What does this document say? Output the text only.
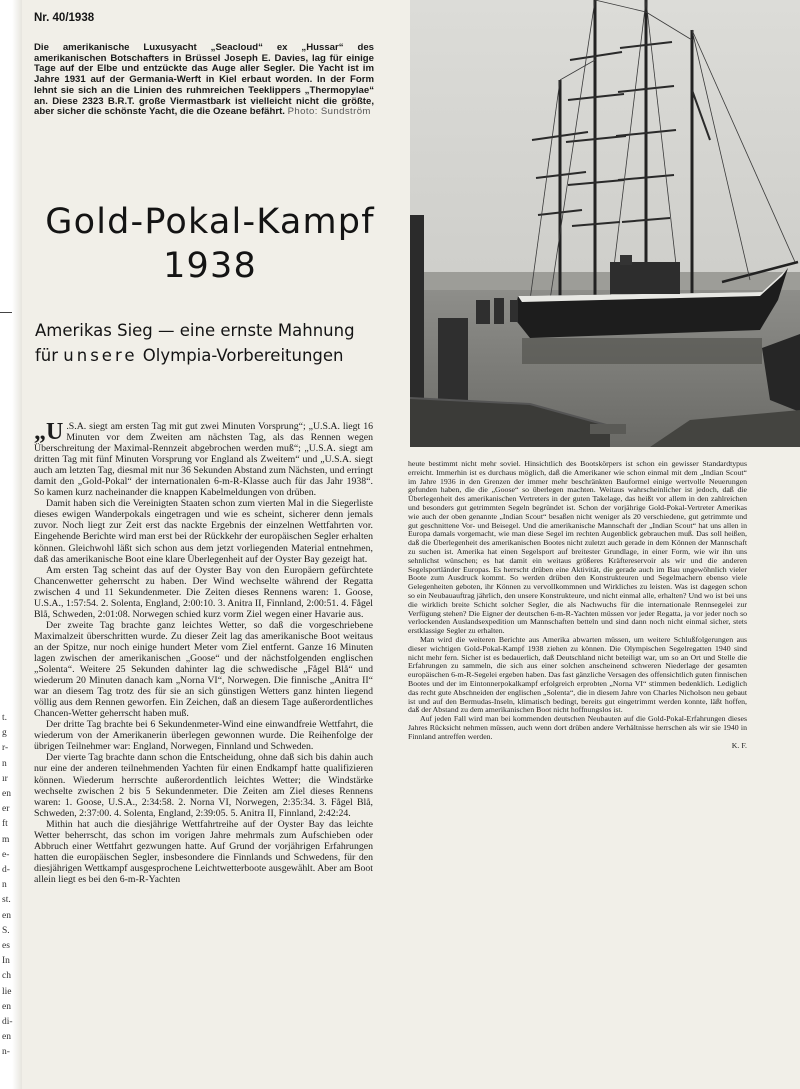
t.
g
r-
n
ır
en
er
ft
m
e-
d-
n
st.
en
S.
es
In
ch
lie
en
di-
en
n-
Nr. 40/1938
Die amerikanische Luxusyacht „Seacloud“ ex „Hussar“ des amerikanischen Botschafters in Brüssel Joseph E. Davies, lag für einige Tage auf der Elbe und entzückte das Auge aller Segler. Die Yacht ist im Jahre 1931 auf der Germania-Werft in Kiel erbaut worden. In der Form lehnt sie sich an die Linien des ruhmreichen Teeklippers „Thermopylae“ an. Diese 2323 B.R.T. große Viermastbark ist vielleicht nicht die größte, aber sicher die schönste Yacht, die die Ozeane befährt. Photo: Sundström
Gold-Pokal-Kampf
1938
Amerikas Sieg — eine ernste Mahnung
für unsere Olympia-Vorbereitungen

„U .S.A. siegt am ersten Tag mit gut zwei Minuten Vorsprung“; „U.S.A. liegt 16 Minuten vor dem Zweiten am nächsten Tag, als das Rennen wegen Überschreitung der Maximal-Rennzeit abgebrochen werden muß“; „U.S.A. siegt am dritten Tag mit fünf Minuten Vorsprung vor England als Zweitem“ und „U.S.A. siegt auch am letzten Tag, diesmal mit nur 36 Sekunden Abstand zum Nächsten, und erringt damit den „Gold-Pokal“ der internationalen 6-m-R-Klasse auch für das Jahr 1938“. So kamen kurz nacheinander die knappen Kabelmeldungen von drüben.

Damit haben sich die Vereinigten Staaten schon zum vierten Mal in die Siegerliste dieses ewigen Wanderpokals eingetragen und wie es scheint, sicherer denn jemals zuvor. Noch liegt zur Zeit erst das nackte Ergebnis der einzelnen Wettfahrten vor. Eingehende Berichte wird man erst bei der Rückkehr der europäischen Segler erhalten können. Gleichwohl läßt sich schon aus dem jetzt vorliegenden Material entnehmen, daß das amerikanische Boot eine klare Überlegenheit auf der Oyster Bay gezeigt hat.

Am ersten Tag scheint das auf der Oyster Bay von den Europäern gefürchtete Chancenwetter geherrscht zu haben. Der Wind wechselte während der Regatta zwischen 4 und 11 Sekundenmeter. Die Zeiten dieses Rennens waren: 1. Goose, U.S.A., 1:57:54. 2. Solenta, England, 2:00:10. 3. Anitra II, Finnland, 2:00:51. 4. Fågel Blå, Schweden, 2:01:08. Norwegen schied kurz vorm Ziel wegen einer Havarie aus.

Der zweite Tag brachte ganz leichtes Wetter, so daß die vorgeschriebene Maximalzeit überschritten wurde. Zu dieser Zeit lag das amerikanische Boot weitaus an der Spitze, nur noch einige hundert Meter vom Ziel entfernt. Ganze 16 Minuten lagen zwischen der amerikanischen „Goose“ und der nächstfolgenden englischen „Solenta“. Weitere 25 Sekunden dahinter lag die schwedische „Fågel Blå“ und wiederum 20 Minuten danach kam „Norna VI“, Norwegen. Die finnische „Anitra II“ war an diesem Tag trotz des für sie an sich günstigen Wetters ganz hinten liegend völlig aus dem Rennen geworfen. Ein Zeichen, daß an diesem Tage außerordentliches Chancen-Wetter geherrscht haben muß.

Der dritte Tag brachte bei 6 Sekundenmeter-Wind eine einwandfreie Wettfahrt, die wiederum von der Amerikanerin überlegen gewonnen wurde. Die Reihenfolge der übrigen Teilnehmer war: England, Norwegen, Finnland und Schweden.

Der vierte Tag brachte dann schon die Entscheidung, ohne daß sich bis dahin auch nur eine der anderen teilnehmenden Yachten für einen Endkampf hatte qualifizieren können. Wiederum herrschte außerordentlich leichtes Wetter; die Windstärke wechselte zwischen 2 bis 5 Sekundenmeter. Die Zeiten am Ziel dieses Rennens waren: 1. Goose, U.S.A., 2:34:58. 2. Norna VI, Norwegen, 2:35:34. 3. Fågel Blå, Schweden, 2:37:00. 4. Solenta, England, 2:39:05. 5. Anitra II, Finnland, 2:42:24.

Mithin hat auch die diesjährige Wettfahrtreihe auf der Oyster Bay das leichte Wetter beherrscht, das schon im vorigen Jahre mehrmals zum Aufschieben oder Abbruch einer Wettfahrt gezwungen hatte. Auf Grund der vorjährigen Erfahrungen hatten die europäischen Segler, insbesondere die Finnlands und Schwedens, für den diesjährigen Wettkampf ausgesprochene Leichtwetterboote ausgewählt. Aber am Boot allein liegt es bei den 6-m-R-Yachten

heute bestimmt nicht mehr soviel. Hinsichtlich des Bootskörpers ist schon ein gewisser Standardtypus erreicht. Immerhin ist es durchaus möglich, daß die Amerikaner wie schon einmal mit dem „Indian Scout“ im Jahre 1936 in den Grenzen der immer mehr beschränkten Bauformel einige wertvolle Neuerungen gefunden haben, die die „Goose“ so überlegen machten. Weitaus wahrscheinlicher ist jedoch, daß die Überlegenheit des amerikanischen Vertreters in der guten Takelage, das heißt vor allem in den zahlreichen und besonders gut getrimmten Segeln begründet ist. Schon der vorjährige Gold-Pokal-Vertreter Amerikas wie auch der oben genannte „Indian Scout“ besaßen nicht weniger als 20 verschiedene, gut getrimmte und gut geschnittene Vor- und Beisegel. Und die amerikanische Mannschaft der „Indian Scout“ hat uns allen in Europa damals vorgemacht, wie man diese Segel im rechten Augenblick gebrauchen muß. Das soll heißen, daß die Überlegenheit des amerikanischen Bootes nicht zuletzt auch gerade in dem Können der Mannschaft zu suchen ist. Amerika hat einen Segelsport auf breitester Grundlage, in einer Form, wie wir ihn uns sehnlichst wünschen; es hat damit ein weitaus größeres Kräftereservoir als wir und die anderen Segelsportländer Europas. Es herrscht drüben eine Aktivität, die gerade auch im Bau ungewöhnlich vieler Boote zum Ausdruck kommt. So werden drüben den Konstrukteuren und Segelmachern ebenso viele Gelegenheiten geboten, ihr Können zu vervollkommnen und Wirkliches zu leisten. Was ist dagegen schon so ein Neubauauftrag jährlich, den unsere Konstrukteure, und nicht einmal alle, erhalten? Und wo ist bei uns die wirklich breite Schicht solcher Segler, die als Nachwuchs für die internationale Rennsegelei zur Verfügung stehen? Die Eigner der deutschen 6-m-R-Yachten müssen vor jeder Regatta, ja vor jeder noch so verlockenden Auslandsexpedition um Mannschaften betteln und sind dann noch nicht einmal sicher, stets erstklassige Segler zu erhalten.

Man wird die weiteren Berichte aus Amerika abwarten müssen, um weitere Schlußfolgerungen aus dieser wichtigen Gold-Pokal-Kampf 1938 ziehen zu können. Die Olympischen Segelregatten 1940 sind nicht mehr fern. Sicher ist es bedauerlich, daß Deutschland nicht beteiligt war, um so an Ort und Stelle die Erfahrungen zu sammeln, die sich aus einer solchen anscheinend schweren Niederlage der gesamten europäischen 6-m-R-Segelei ergeben haben. Das fast gänzliche Versagen des offensichtlich guten finnischen Bootes und der im Eintonnerpokalkampf erfolgreich erprobten „Norna VI“ stimmen bedenklich. Lediglich das recht gute Abschneiden der englischen „Solenta“, die in diesem Jahre von Charles Nicholson neu gebaut ist und auf den Bermudas-Inseln, klimatisch bedingt, bereits gut eingetrimmt werden konnte, läßt hoffen, daß der Abstand zu dem amerikanischen Boot nicht hoffnungslos ist.

Auf jeden Fall wird man bei kommenden deutschen Neubauten auf die Gold-Pokal-Erfahrungen dieses Jahres Rücksicht nehmen müssen, auch wenn dort drüben andere Verhältnisse herrschen als wir sie 1940 in Finnland antreffen werden.

K. F.
